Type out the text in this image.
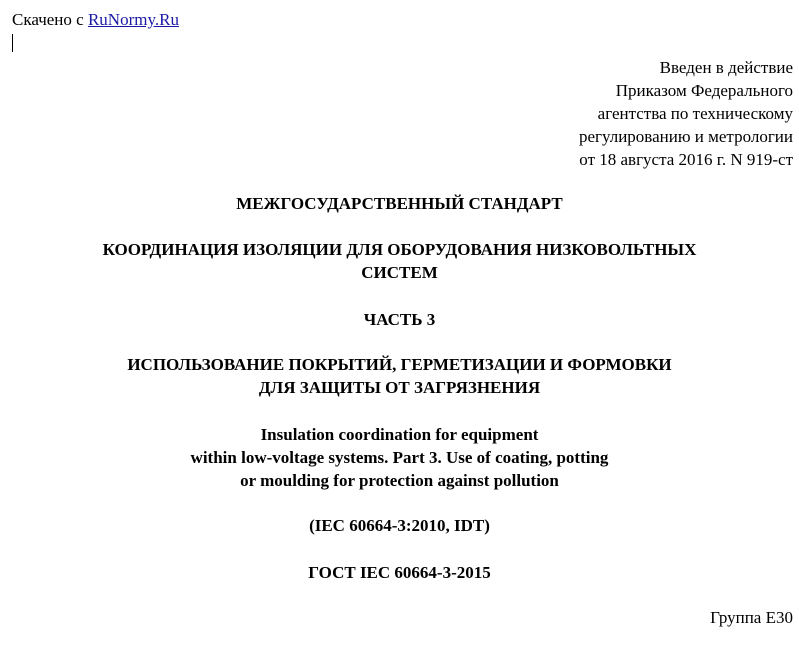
Скачено с RuNormy.Ru
Введен в действие
Приказом Федерального
агентства по техническому
регулированию и метрологии
от 18 августа 2016 г. N 919-ст
МЕЖГОСУДАРСТВЕННЫЙ СТАНДАРТ
КООРДИНАЦИЯ ИЗОЛЯЦИИ ДЛЯ ОБОРУДОВАНИЯ НИЗКОВОЛЬТНЫХ
СИСТЕМ
ЧАСТЬ 3
ИСПОЛЬЗОВАНИЕ ПОКРЫТИЙ, ГЕРМЕТИЗАЦИИ И ФОРМОВКИ
ДЛЯ ЗАЩИТЫ ОТ ЗАГРЯЗНЕНИЯ
Insulation coordination for equipment
within low-voltage systems. Part 3. Use of coating, potting
or moulding for protection against pollution
(IEC 60664-3:2010, IDT)
ГОСТ IEC 60664-3-2015
Группа Е30
